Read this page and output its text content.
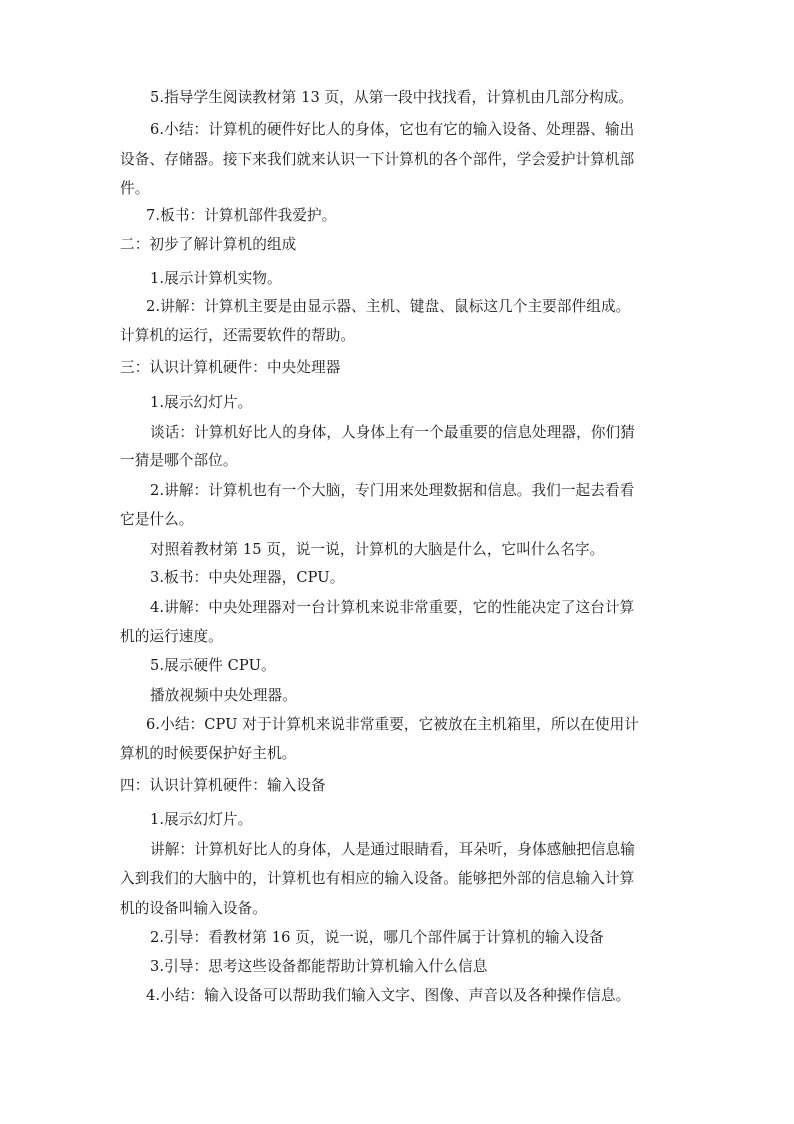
5.指导学生阅读教材第 13 页，从第一段中找找看，计算机由几部分构成。
6.小结：计算机的硬件好比人的身体，它也有它的输入设备、处理器、输出
设备、存储器。接下来我们就来认识一下计算机的各个部件，学会爱护计算机部
件。
7.板书：计算机部件我爱护。
二：初步了解计算机的组成
1.展示计算机实物。
2.讲解：计算机主要是由显示器、主机、键盘、鼠标这几个主要部件组成。
计算机的运行，还需要软件的帮助。
三：认识计算机硬件：中央处理器
1.展示幻灯片。
谈话：计算机好比人的身体，人身体上有一个最重要的信息处理器，你们猜
一猜是哪个部位。
2.讲解：计算机也有一个大脑，专门用来处理数据和信息。我们一起去看看
它是什么。
对照着教材第 15 页，说一说，计算机的大脑是什么，它叫什么名字。
3.板书：中央处理器，CPU。
4.讲解：中央处理器对一台计算机来说非常重要，它的性能决定了这台计算
机的运行速度。
5.展示硬件 CPU。
播放视频中央处理器。
6.小结：CPU 对于计算机来说非常重要，它被放在主机箱里，所以在使用计
算机的时候要保护好主机。
四：认识计算机硬件：输入设备
1.展示幻灯片。
讲解：计算机好比人的身体，人是通过眼睛看，耳朵听，身体感触把信息输
入到我们的大脑中的，计算机也有相应的输入设备。能够把外部的信息输入计算
机的设备叫输入设备。
2.引导：看教材第 16 页，说一说，哪几个部件属于计算机的输入设备
3.引导：思考这些设备都能帮助计算机输入什么信息
4.小结：输入设备可以帮助我们输入文字、图像、声音以及各种操作信息。
